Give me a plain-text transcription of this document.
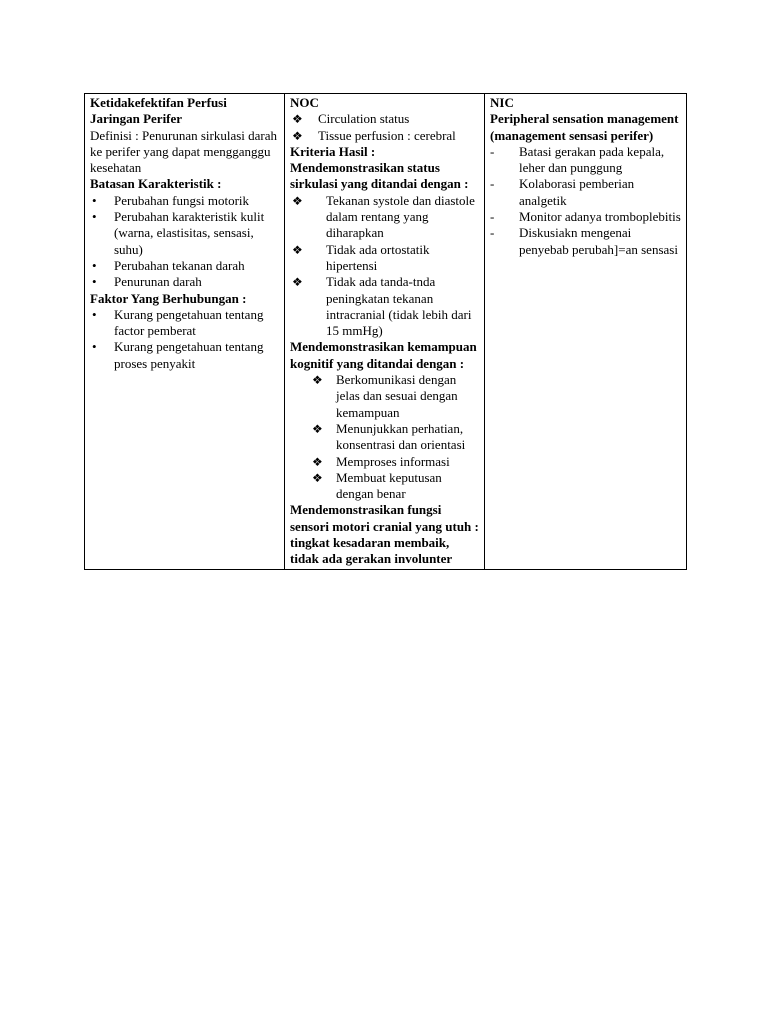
Ketidakefektifan Perfusi Jaringan Perifer
Definisi : Penurunan sirkulasi darah ke perifer yang dapat mengganggu kesehatan
Batasan Karakteristik :
•	Perubahan fungsi motorik
•	Perubahan karakteristik kulit (warna, elastisitas, sensasi, suhu)
•	Perubahan tekanan darah
•	Penurunan darah
Faktor Yang Berhubungan :
•	Kurang pengetahuan tentang factor pemberat
•	Kurang pengetahuan tentang proses penyakit

NOC
❖	Circulation status
❖	Tissue perfusion : cerebral
Kriteria Hasil :
Mendemonstrasikan status sirkulasi yang ditandai dengan :
❖	Tekanan systole dan diastole dalam rentang yang diharapkan
❖	Tidak ada ortostatik hipertensi
❖	Tidak ada tanda-tnda peningkatan tekanan intracranial (tidak lebih dari 15 mmHg)
Mendemonstrasikan kemampuan kognitif yang ditandai dengan :
❖	Berkomunikasi dengan jelas dan sesuai dengan kemampuan
❖	Menunjukkan perhatian, konsentrasi dan orientasi
❖	Memproses informasi
❖	Membuat keputusan dengan benar
Mendemonstrasikan fungsi sensori motori cranial yang utuh : tingkat kesadaran membaik, tidak ada gerakan involunter

NIC
Peripheral sensation management (management sensasi perifer)
-	Batasi gerakan pada kepala, leher dan punggung
-	Kolaborasi pemberian analgetik
-	Monitor adanya tromboplebitis
-	Diskusiakn mengenai penyebab perubah]=an sensasi
